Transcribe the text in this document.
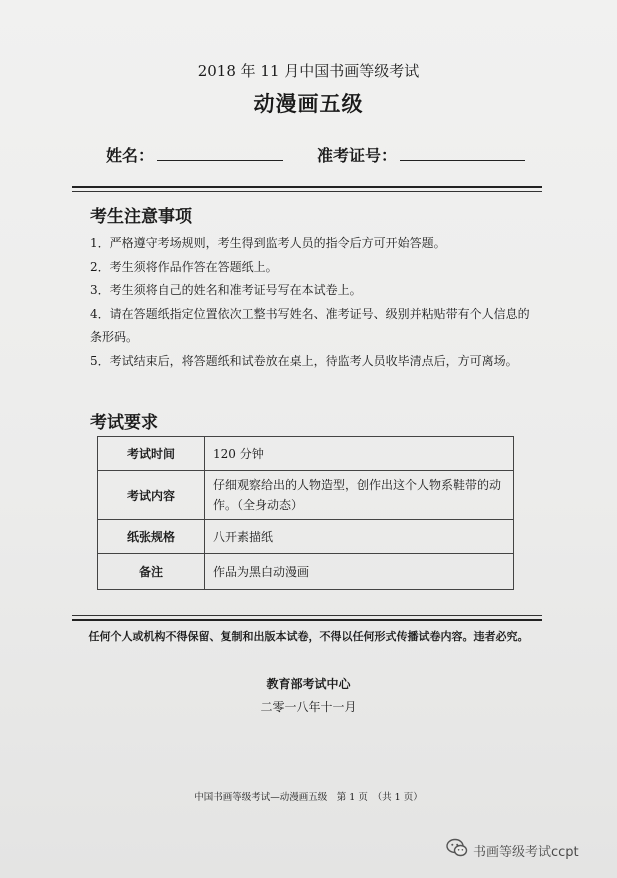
2018 年 11 月中国书画等级考试
动漫画五级
姓名：	准考证号：
考生注意事项
1．严格遵守考场规则，考生得到监考人员的指令后方可开始答题。
2．考生须将作品作答在答题纸上。
3．考生须将自己的姓名和准考证号写在本试卷上。
4．请在答题纸指定位置依次工整书写姓名、准考证号、级别并粘贴带有个人信息的条形码。
5．考试结束后，将答题纸和试卷放在桌上，待监考人员收毕清点后，方可离场。
考试要求
考试时间	120 分钟
考试内容	仔细观察给出的人物造型，创作出这个人物系鞋带的动作。（全身动态）
纸张规格	八开素描纸
备注	作品为黑白动漫画
任何个人或机构不得保留、复制和出版本试卷，不得以任何形式传播试卷内容。违者必究。
教育部考试中心
二零一八年十一月
中国书画等级考试—动漫画五级　第 1 页　（共 1 页）
书画等级考试ccpt
